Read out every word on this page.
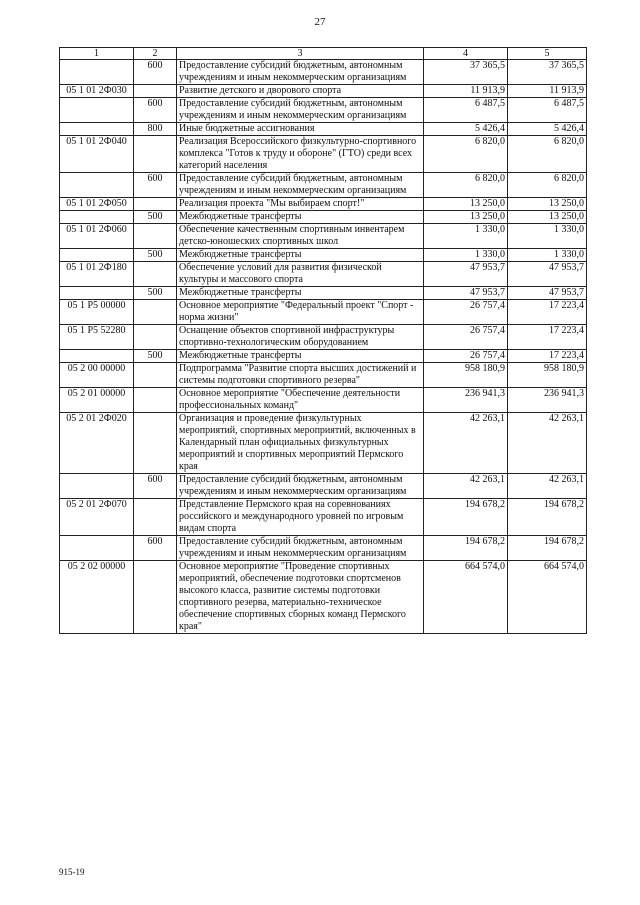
27
1	2	3	4	5
	600	Предоставление субсидий бюджетным, автономным учреждениям и иным некоммерческим организациям	37 365,5	37 365,5
05 1 01 2Ф030		Развитие детского и дворового спорта	11 913,9	11 913,9
	600	Предоставление субсидий бюджетным, автономным учреждениям и иным некоммерческим организациям	6 487,5	6 487,5
	800	Иные бюджетные ассигнования	5 426,4	5 426,4
05 1 01 2Ф040		Реализация Всероссийского физкультурно-спортивного комплекса "Готов к труду и обороне" (ГТО) среди всех категорий населения	6 820,0	6 820,0
	600	Предоставление субсидий бюджетным, автономным учреждениям и иным некоммерческим организациям	6 820,0	6 820,0
05 1 01 2Ф050		Реализация проекта "Мы выбираем спорт!"	13 250,0	13 250,0
	500	Межбюджетные трансферты	13 250,0	13 250,0
05 1 01 2Ф060		Обеспечение качественным спортивным инвентарем детско-юношеских спортивных школ	1 330,0	1 330,0
	500	Межбюджетные трансферты	1 330,0	1 330,0
05 1 01 2Ф180		Обеспечение условий для развития физической культуры и массового спорта	47 953,7	47 953,7
	500	Межбюджетные трансферты	47 953,7	47 953,7
05 1 P5 00000		Основное мероприятие "Федеральный проект "Спорт - норма жизни"	26 757,4	17 223,4
05 1 P5 52280		Оснащение объектов спортивной инфраструктуры спортивно-технологическим оборудованием	26 757,4	17 223,4
	500	Межбюджетные трансферты	26 757,4	17 223,4
05 2 00 00000		Подпрограмма "Развитие спорта высших достижений и системы подготовки спортивного резерва"	958 180,9	958 180,9
05 2 01 00000		Основное мероприятие "Обеспечение деятельности профессиональных команд"	236 941,3	236 941,3
05 2 01 2Ф020		Организация и проведение физкультурных мероприятий, спортивных мероприятий, включенных в Календарный план официальных физкультурных мероприятий и спортивных мероприятий Пермского края	42 263,1	42 263,1
	600	Предоставление субсидий бюджетным, автономным учреждениям и иным некоммерческим организациям	42 263,1	42 263,1
05 2 01 2Ф070		Представление Пермского края на соревнованиях российского и международного уровней по игровым видам спорта	194 678,2	194 678,2
	600	Предоставление субсидий бюджетным, автономным учреждениям и иным некоммерческим организациям	194 678,2	194 678,2
05 2 02 00000		Основное мероприятие "Проведение спортивных мероприятий, обеспечение подготовки спортсменов высокого класса, развитие системы подготовки спортивного резерва, материально-техническое обеспечение спортивных сборных команд Пермского края"	664 574,0	664 574,0
915-19
